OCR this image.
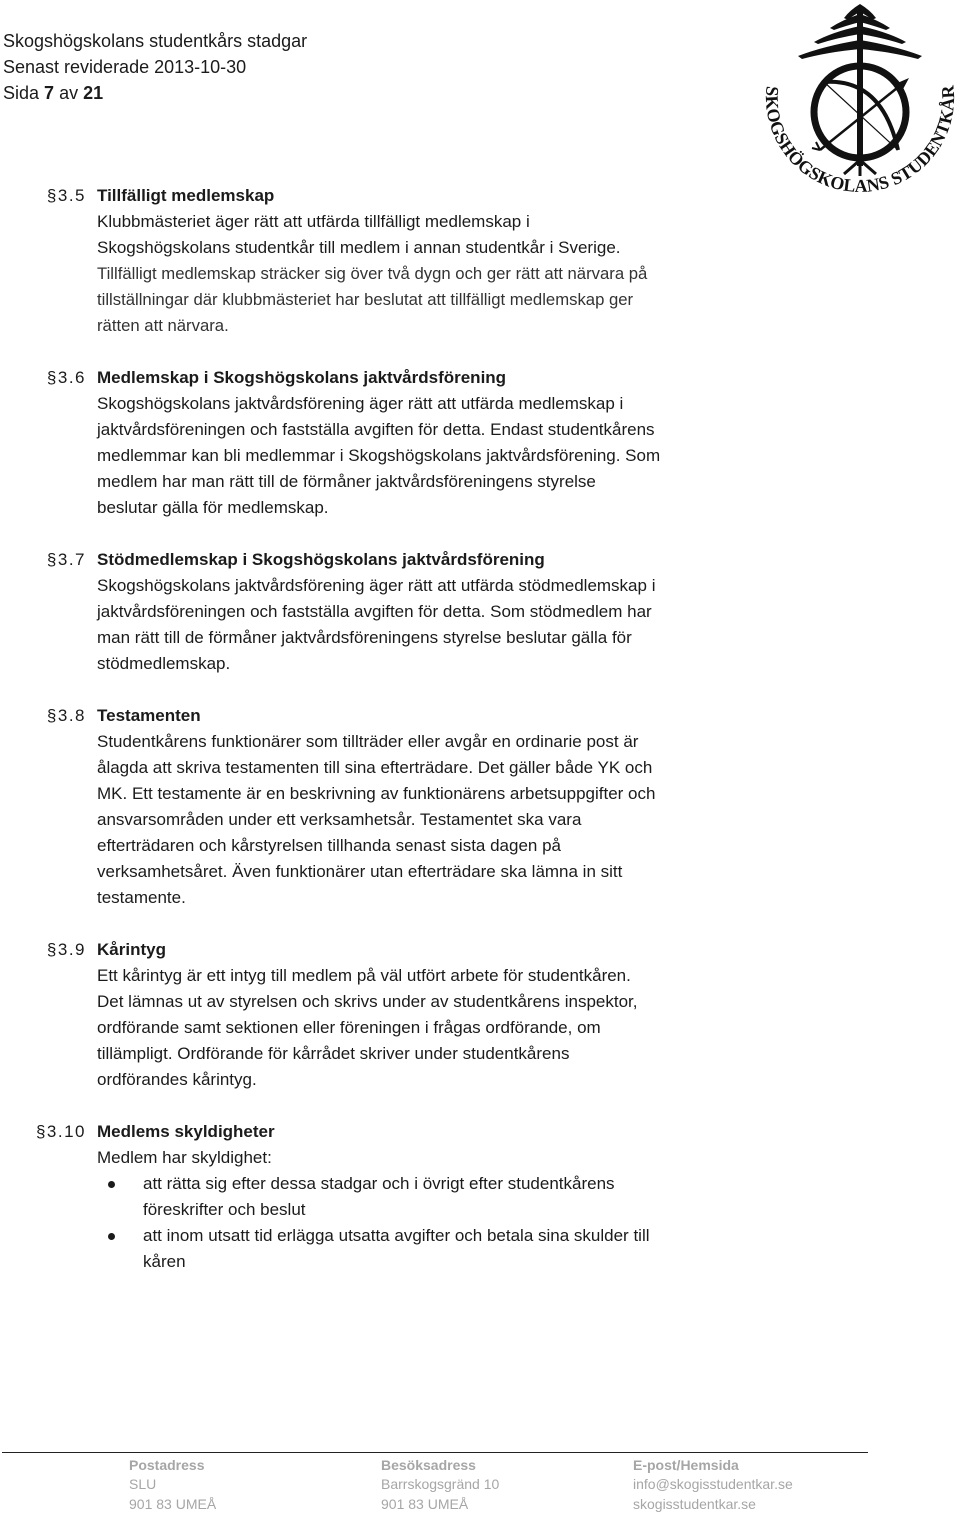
Skogshögskolans studentkårs stadgar
Senast reviderade 2013-10-30
Sida 7 av 21	SKOGSHÖGSKOLANS STUDENTKÅR
§3.5 Tillfälligt medlemskap
Klubbmästeriet äger rätt att utfärda tillfälligt medlemskap i
Skogshögskolans studentkår till medlem i annan studentkår i Sverige.
Tillfälligt medlemskap sträcker sig över två dygn och ger rätt att närvara på
tillställningar där klubbmästeriet har beslutat att tillfälligt medlemskap ger
rätten att närvara.
§3.6 Medlemskap i Skogshögskolans jaktvårdsförening
Skogshögskolans jaktvårdsförening äger rätt att utfärda medlemskap i
jaktvårdsföreningen och fastställa avgiften för detta. Endast studentkårens
medlemmar kan bli medlemmar i Skogshögskolans jaktvårdsförening. Som
medlem har man rätt till de förmåner jaktvårdsföreningens styrelse
beslutar gälla för medlemskap.
§3.7 Stödmedlemskap i Skogshögskolans jaktvårdsförening
Skogshögskolans jaktvårdsförening äger rätt att utfärda stödmedlemskap i
jaktvårdsföreningen och fastställa avgiften för detta. Som stödmedlem har
man rätt till de förmåner jaktvårdsföreningens styrelse beslutar gälla för
stödmedlemskap.
§3.8 Testamenten
Studentkårens funktionärer som tillträder eller avgår en ordinarie post är
ålagda att skriva testamenten till sina efterträdare. Det gäller både YK och
MK. Ett testamente är en beskrivning av funktionärens arbetsuppgifter och
ansvarsområden under ett verksamhetsår. Testamentet ska vara
efterträdaren och kårstyrelsen tillhanda senast sista dagen på
verksamhetsåret. Även funktionärer utan efterträdare ska lämna in sitt
testamente.
§3.9 Kårintyg
Ett kårintyg är ett intyg till medlem på väl utfört arbete för studentkåren.
Det lämnas ut av styrelsen och skrivs under av studentkårens inspektor,
ordförande samt sektionen eller föreningen i frågas ordförande, om
tillämpligt. Ordförande för kårrådet skriver under studentkårens
ordförandes kårintyg.
§3.10 Medlems skyldigheter
Medlem har skyldighet:
att rätta sig efter dessa stadgar och i övrigt efter studentkårens
föreskrifter och beslut
att inom utsatt tid erlägga utsatta avgifter och betala sina skulder till
kåren
Postadress
SLU
901 83 UMEÅ
Besöksadress
Barrskogsgränd 10
901 83 UMEÅ
E-post/Hemsida
info@skogisstudentkar.se
skogisstudentkar.se
